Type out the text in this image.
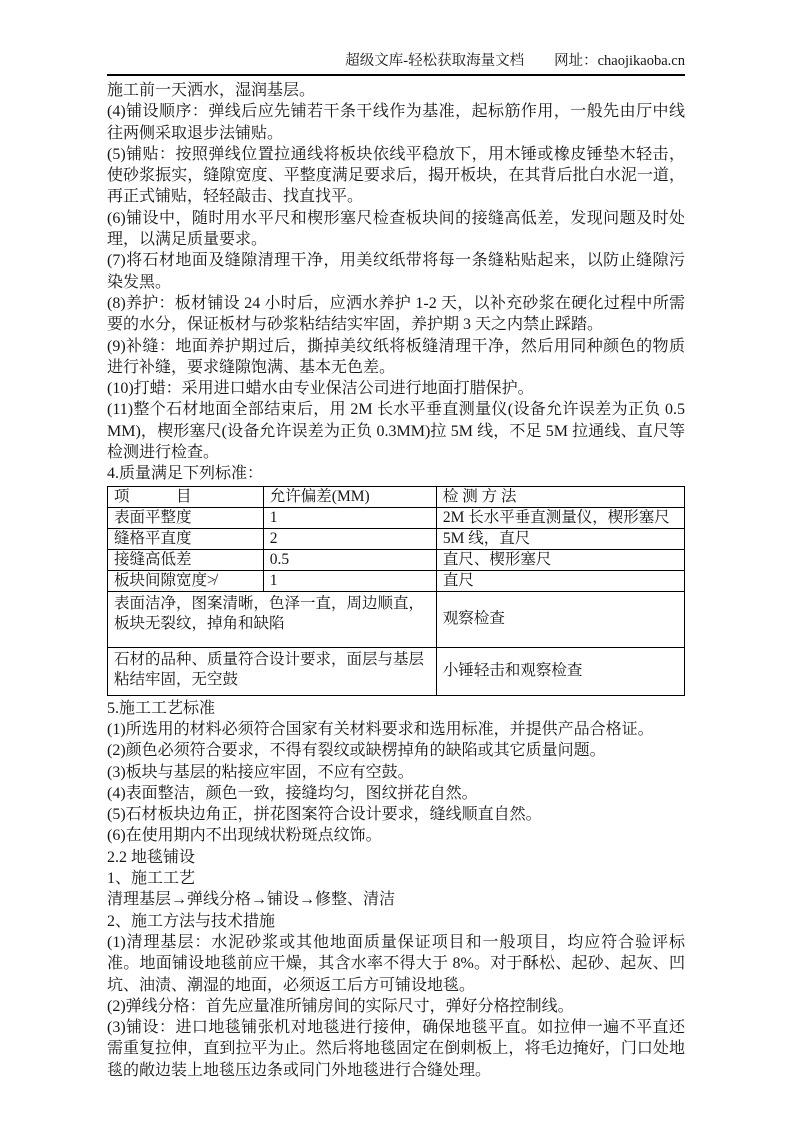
超级文库-轻松获取海量文档 网址：chaojikaoba.cn

施工前一天洒水，湿润基层。

(4)铺设顺序：弹线后应先铺若干条干线作为基准，起标筋作用，一般先由厅中线往两侧采取退步法铺贴。

(5)铺贴：按照弹线位置拉通线将板块依线平稳放下，用木锤或橡皮锤垫木轻击，使砂浆振实，缝隙宽度、平整度满足要求后，揭开板块，在其背后批白水泥一道，再正式铺贴，轻轻敲击、找直找平。

(6)铺设中，随时用水平尺和楔形塞尺检查板块间的接缝高低差，发现问题及时处理，以满足质量要求。

(7)将石材地面及缝隙清理干净，用美纹纸带将每一条缝粘贴起来，以防止缝隙污染发黑。

(8)养护：板材铺设 24 小时后，应洒水养护 1-2 天，以补充砂浆在硬化过程中所需要的水分，保证板材与砂浆粘结结实牢固，养护期 3 天之内禁止踩踏。

(9)补缝：地面养护期过后，撕掉美纹纸将板缝清理干净，然后用同种颜色的物质进行补缝，要求缝隙饱满、基本无色差。

(10)打蜡：采用进口蜡水由专业保洁公司进行地面打腊保护。

(11)整个石材地面全部结束后，用 2M 长水平垂直测量仪(设备允许误差为正负 0.5MM)，楔形塞尺(设备允许误差为正负 0.3MM)拉 5M 线，不足 5M 拉通线、直尺等检测进行检查。

4.质量满足下列标准：

项　　　目	允许偏差(MM)	检 测 方 法
表面平整度	1	2M 长水平垂直测量仪，楔形塞尺
缝格平直度	2	5M 线，直尺
接缝高低差	0.5	直尺、楔形塞尺
板块间隙宽度≯	1	直尺
表面洁净，图案清晰，色泽一直，周边顺直，板块无裂纹，掉角和缺陷		观察检查
石材的品种、质量符合设计要求，面层与基层粘结牢固，无空鼓		小锤轻击和观察检查

5.施工工艺标准

(1)所选用的材料必须符合国家有关材料要求和选用标准，并提供产品合格证。

(2)颜色必须符合要求，不得有裂纹或缺楞掉角的缺陷或其它质量问题。

(3)板块与基层的粘接应牢固，不应有空鼓。

(4)表面整洁，颜色一致，接缝均匀，图纹拼花自然。

(5)石材板块边角正，拼花图案符合设计要求，缝线顺直自然。

(6)在使用期内不出现绒状粉斑点纹饰。

2.2 地毯铺设

1、施工工艺

清理基层→弹线分格→铺设→修整、清洁

2、施工方法与技术措施

(1)清理基层：水泥砂浆或其他地面质量保证项目和一般项目，均应符合验评标准。地面铺设地毯前应干燥，其含水率不得大于 8%。对于酥松、起砂、起灰、凹坑、油渍、潮湿的地面，必须返工后方可铺设地毯。

(2)弹线分格：首先应量准所铺房间的实际尺寸，弹好分格控制线。

(3)铺设：进口地毯铺张机对地毯进行接伸，确保地毯平直。如拉伸一遍不平直还需重复拉伸，直到拉平为止。然后将地毯固定在倒刺板上，将毛边掩好，门口处地毯的敞边装上地毯压边条或同门外地毯进行合缝处理。
